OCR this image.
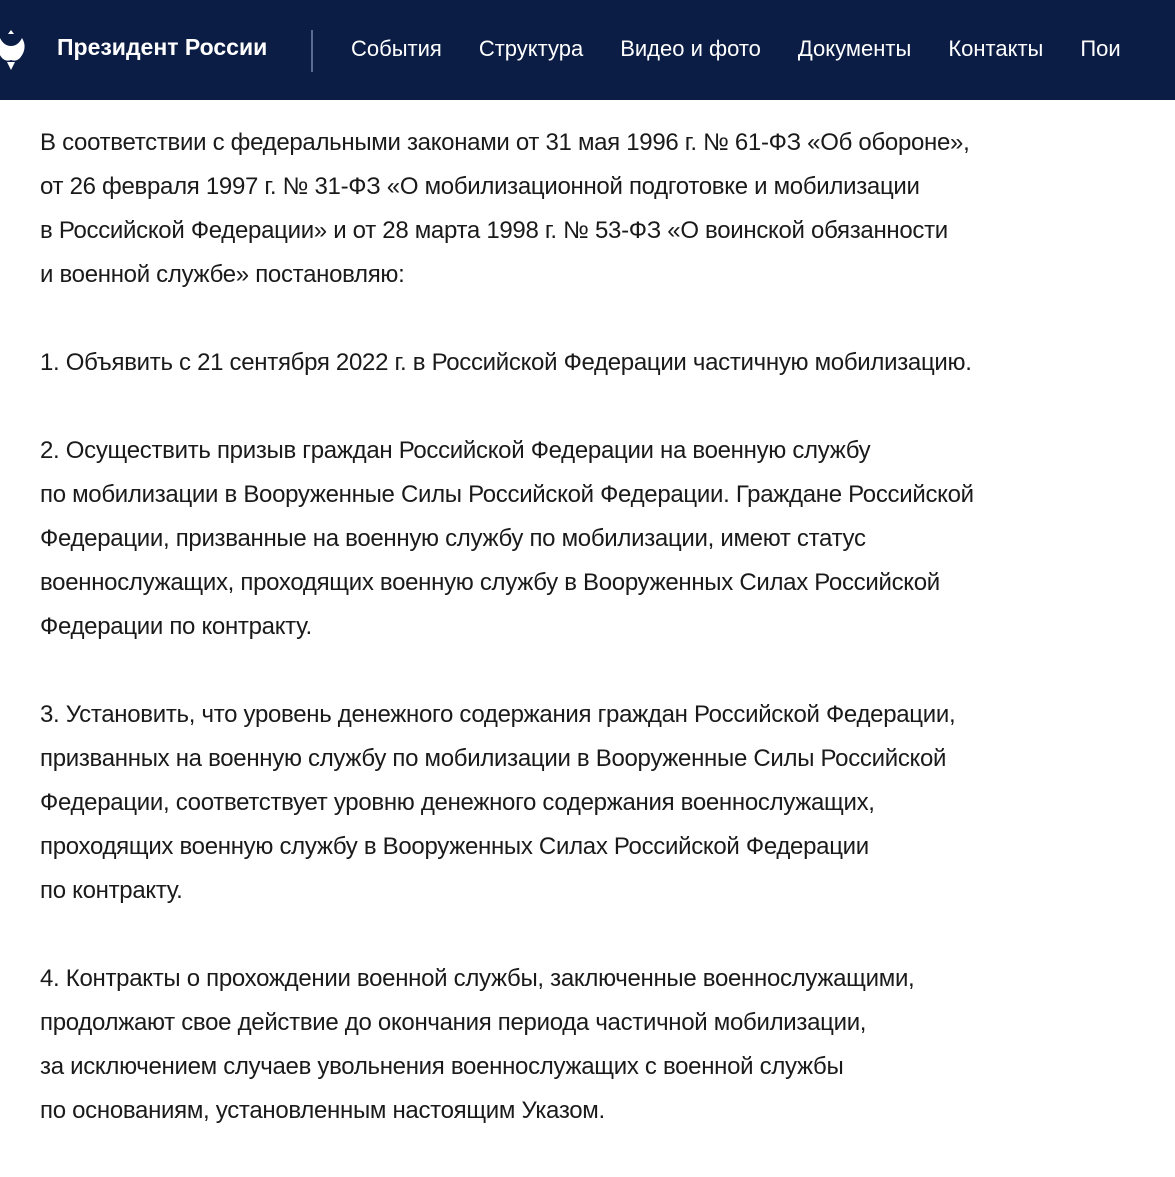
Президент России	События Структура Видео и фото Документы Контакты Пои
В соответствии с федеральными законами от 31 мая 1996 г. № 61-ФЗ «Об обороне»,
от 26 февраля 1997 г. № 31-ФЗ «О мобилизационной подготовке и мобилизации
в Российской Федерации» и от 28 марта 1998 г. № 53-ФЗ «О воинской обязанности
и военной службе» постановляю:
1. Объявить с 21 сентября 2022 г. в Российской Федерации частичную мобилизацию.
2. Осуществить призыв граждан Российской Федерации на военную службу
по мобилизации в Вооруженные Силы Российской Федерации. Граждане Российской
Федерации, призванные на военную службу по мобилизации, имеют статус
военнослужащих, проходящих военную службу в Вооруженных Силах Российской
Федерации по контракту.
3. Установить, что уровень денежного содержания граждан Российской Федерации,
призванных на военную службу по мобилизации в Вооруженные Силы Российской
Федерации, соответствует уровню денежного содержания военнослужащих,
проходящих военную службу в Вооруженных Силах Российской Федерации
по контракту.
4. Контракты о прохождении военной службы, заключенные военнослужащими,
продолжают свое действие до окончания периода частичной мобилизации,
за исключением случаев увольнения военнослужащих с военной службы
по основаниям, установленным настоящим Указом.
